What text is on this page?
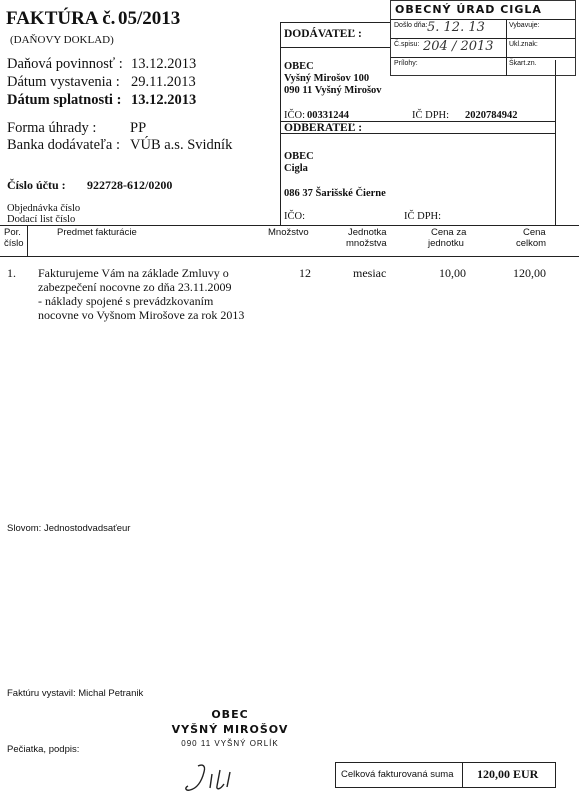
FAKTÚRA č. 05/2013
(DAŇOVY DOKLAD)
Daňová povinnosť : 13.12.2013
Dátum vystavenia : 29.11.2013
Dátum splatnosti : 13.12.2013
Forma úhrady : PP
Banka dodávateľa : VÚB a.s. Svidník
Číslo účtu : 922728-612/0200
Objednávka číslo
Dodací list číslo
DODÁVATEĽ :
OBEC
Vyšný Mirošov 100
090 11 Vyšný Mirošov
IČO: 00331244	IČ DPH: 2020784942
ODBERATEĽ :
OBEC
Cigla
086 37 Šarišské Čierne
IČO:	IČ DPH:
OBECNÝ ÚRAD CIGLA
Došlo dňa: 5. 12. 13	Vybavuje:
Č.spisu: 204 / 2013 Ukl.znak:
Prílohy:	Škart.zn.
Por.
číslo
Predmet fakturácie	Množstvo	Jednotka
množstva
Cena za
jednotku
Cena
celkom
1. Fakturujeme Vám na základe Zmluvy o
zabezpečení nocovne zo dňa 23.11.2009
- náklady spojené s prevádzkovaním
nocovne vo Vyšnom Mirošove za rok 2013
12	mesiac	10,00	120,00
Slovom: Jednostodvadsaťeur
Faktúru vystavil: Michal Petranik
Pečiatka, podpis:
OBEC
VYŠNÝ MIROŠOV
090 11 VYŠNÝ ORLÍK
Celková fakturovaná suma 120,00 EUR
